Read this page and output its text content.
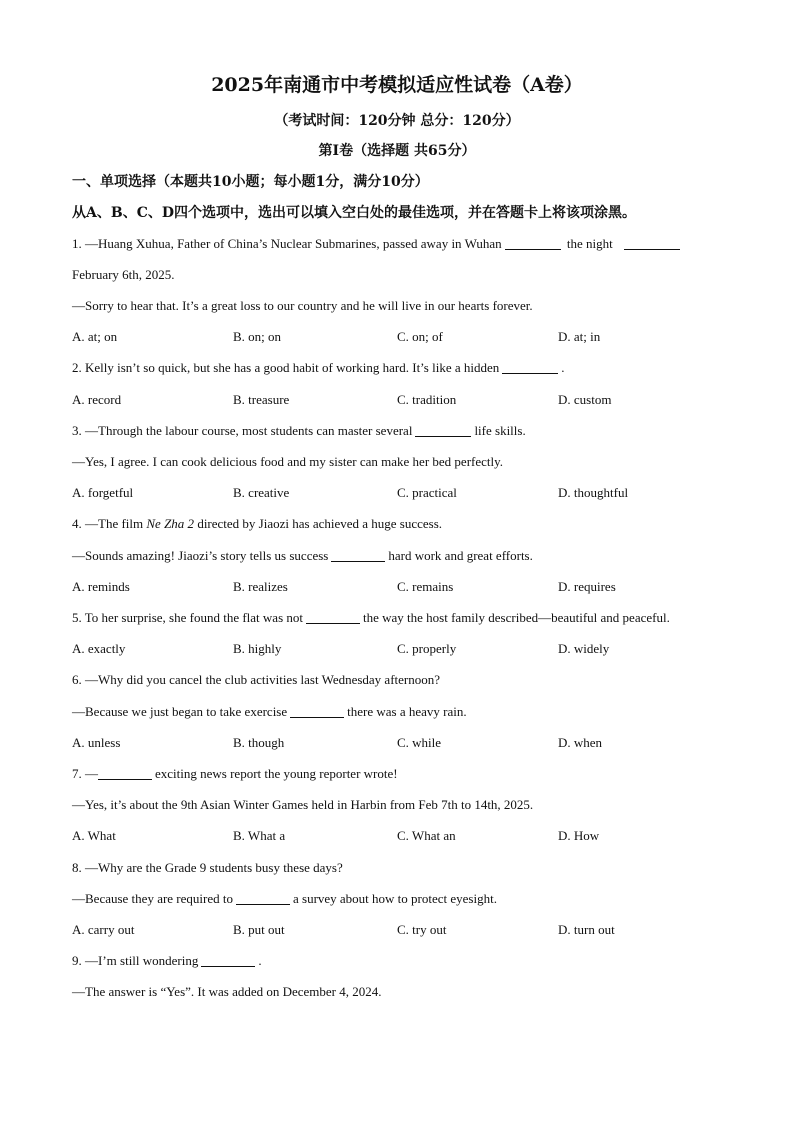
2025年南通市中考模拟适应性试卷（A卷）
（考试时间：120分钟 总分：120分）
第Ⅰ卷（选择题 共65分）
一、单项选择（本题共10小题；每小题1分，满分10分）
从A、B、C、D四个选项中，选出可以填入空白处的最佳选项，并在答题卡上将该项涂黑。
1. —Huang Xuhua, Father of China’s Nuclear Submarines, passed away in Wuhan	the night
February 6th, 2025.
—Sorry to hear that. It’s a great loss to our country and he will live in our hearts forever.
A. at; on	B. on; on	C. on; of	D. at; in
2. Kelly isn’t so quick, but she has a good habit of working hard. It’s like a hidden	.
A. record	B. treasure	C. tradition	D. custom
3. —Through the labour course, most students can master several	life skills.
—Yes, I agree. I can cook delicious food and my sister can make her bed perfectly.
A. forgetful	B. creative	C. practical	D. thoughtful
4. —The film Ne Zha 2 directed by Jiaozi has achieved a huge success.
—Sounds amazing! Jiaozi’s story tells us success	hard work and great efforts.
A. reminds	B. realizes	C. remains	D. requires
5. To her surprise, she found the flat was not	the way the host family described—beautiful and peaceful.
A. exactly	B. highly	C. properly	D. widely
6. —Why did you cancel the club activities last Wednesday afternoon?
—Because we just began to take exercise	there was a heavy rain.
A. unless	B. though	C. while	D. when
7. —	exciting news report the young reporter wrote!
—Yes, it’s about the 9th Asian Winter Games held in Harbin from Feb 7th to 14th, 2025.
A. What	B. What a	C. What an	D. How
8. —Why are the Grade 9 students busy these days?
—Because they are required to	a survey about how to protect eyesight.
A. carry out	B. put out	C. try out	D. turn out
9. —I’m still wondering	.
—The answer is “Yes”. It was added on December 4, 2024.
